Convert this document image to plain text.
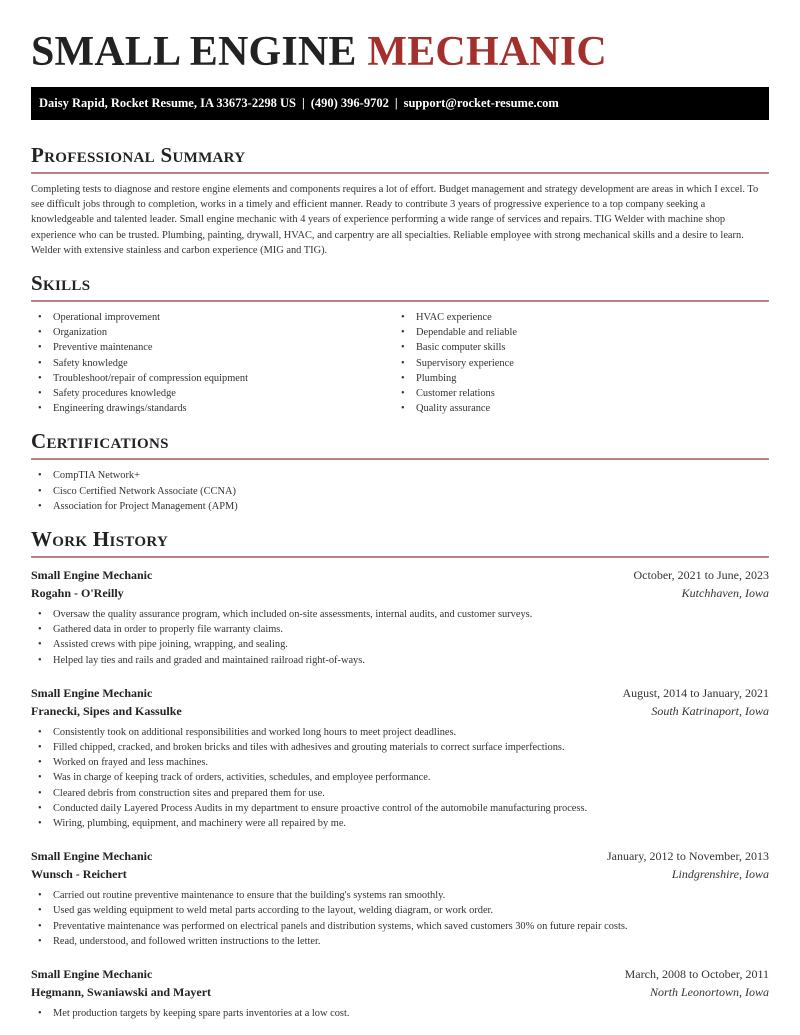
SMALL ENGINE MECHANIC
Daisy Rapid, Rocket Resume, IA 33673-2298 US | (490) 396-9702 | support@rocket-resume.com
Professional Summary

Completing tests to diagnose and restore engine elements and components requires a lot of effort. Budget management and strategy development are areas in which I excel. To see difficult jobs through to completion, works in a timely and efficient manner. Ready to contribute 3 years of progressive experience to a top company seeking a knowledgeable and talented leader. Small engine mechanic with 4 years of experience performing a wide range of services and repairs. TIG Welder with machine shop experience who can be trusted. Plumbing, painting, drywall, HVAC, and carpentry are all specialties. Reliable employee with strong mechanical skills and a desire to learn. Welder with extensive stainless and carbon experience (MIG and TIG).

Skills
• Operational improvement
• Organization
• Preventive maintenance
• Safety knowledge
• Troubleshoot/repair of compression equipment
• Safety procedures knowledge
• Engineering drawings/standards
• HVAC experience
• Dependable and reliable
• Basic computer skills
• Supervisory experience
• Plumbing
• Customer relations
• Quality assurance
Certifications
• CompTIA Network+
• Cisco Certified Network Associate (CCNA)
• Association for Project Management (APM)
Work History
Small Engine Mechanic	October, 2021 to June, 2023
Rogahn - O'Reilly	Kutchhaven, Iowa
• Oversaw the quality assurance program, which included on-site assessments, internal audits, and customer surveys.
• Gathered data in order to properly file warranty claims.
• Assisted crews with pipe joining, wrapping, and sealing.
• Helped lay ties and rails and graded and maintained railroad right-of-ways.
Small Engine Mechanic	August, 2014 to January, 2021
Franecki, Sipes and Kassulke	South Katrinaport, Iowa
• Consistently took on additional responsibilities and worked long hours to meet project deadlines.
• Filled chipped, cracked, and broken bricks and tiles with adhesives and grouting materials to correct surface imperfections.
• Worked on frayed and less machines.
• Was in charge of keeping track of orders, activities, schedules, and employee performance.
• Cleared debris from construction sites and prepared them for use.
• Conducted daily Layered Process Audits in my department to ensure proactive control of the automobile manufacturing process.
• Wiring, plumbing, equipment, and machinery were all repaired by me.
Small Engine Mechanic	January, 2012 to November, 2013
Wunsch - Reichert	Lindgrenshire, Iowa
• Carried out routine preventive maintenance to ensure that the building's systems ran smoothly.
• Used gas welding equipment to weld metal parts according to the layout, welding diagram, or work order.
• Preventative maintenance was performed on electrical panels and distribution systems, which saved customers 30% on future repair costs.
• Read, understood, and followed written instructions to the letter.
Small Engine Mechanic	March, 2008 to October, 2011
Hegmann, Swaniawski and Mayert	North Leonortown, Iowa
• Met production targets by keeping spare parts inventories at a low cost.
